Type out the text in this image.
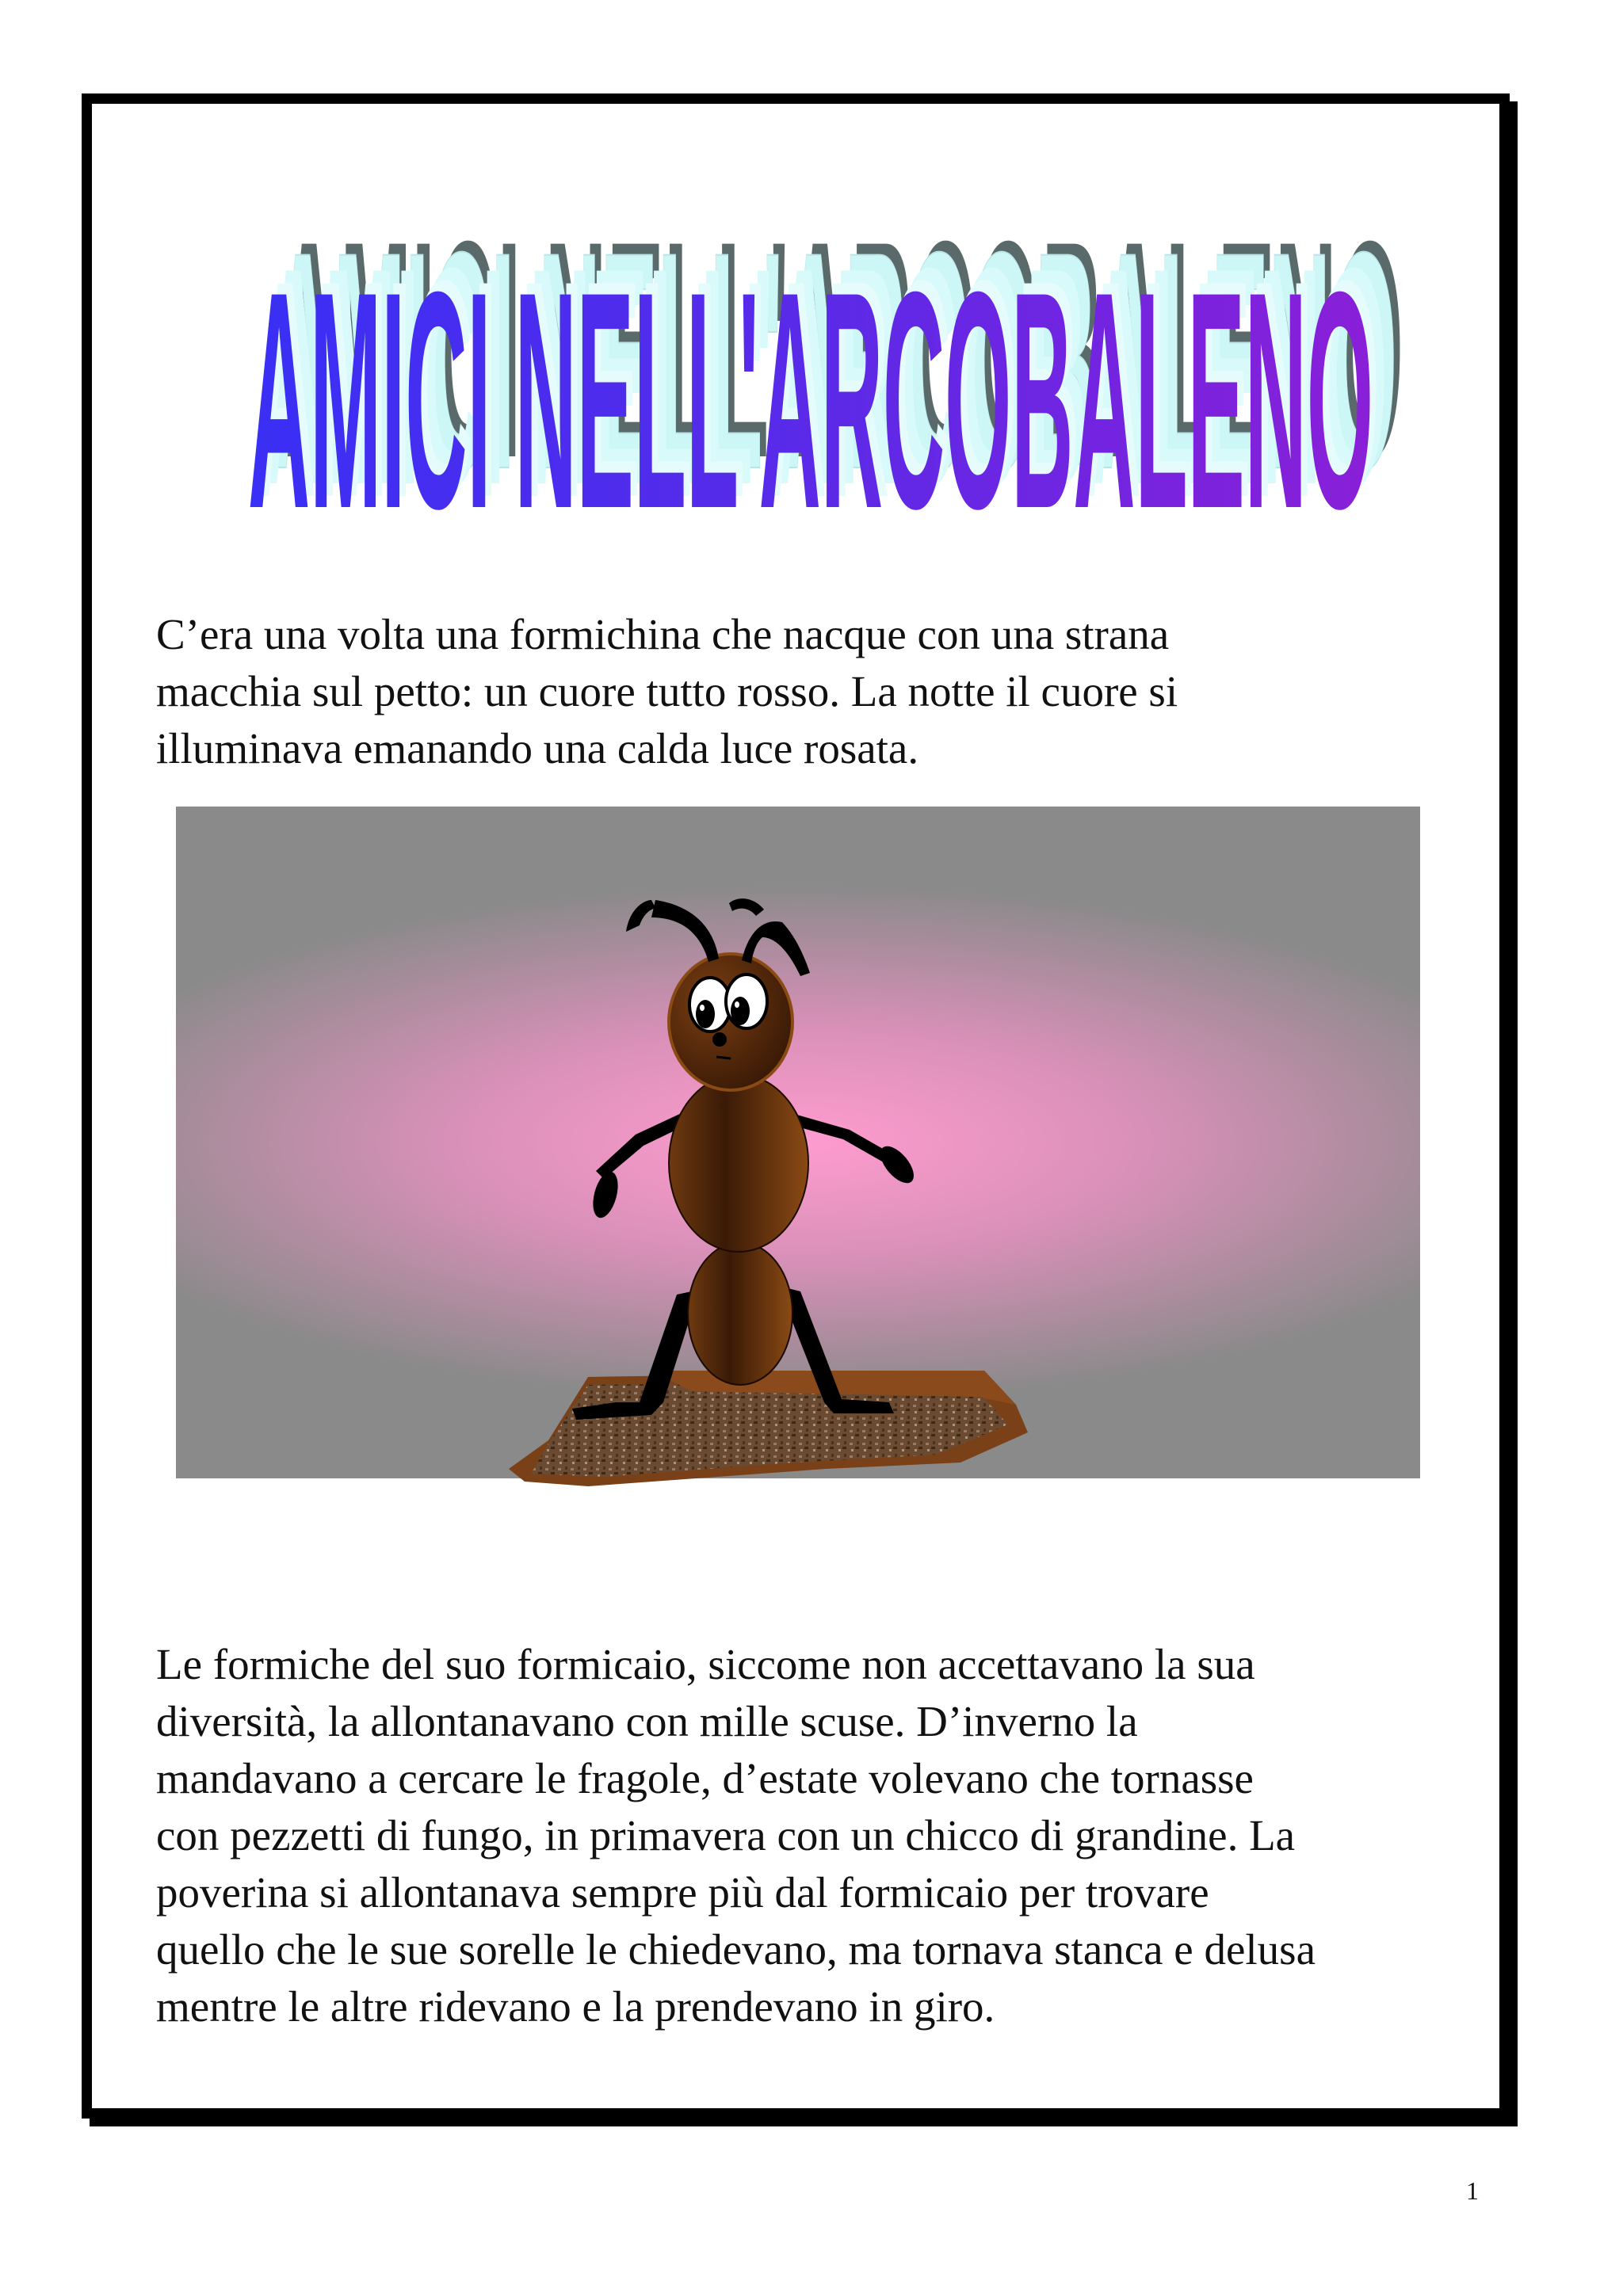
AMICI NELL'ARCOBALENO
AMICI NELL'ARCOBALENO
AMICI NELL'ARCOBALENO
AMICI NELL'ARCOBALENO
AMICI NELL'ARCOBALENO

C’era una volta una formichina che nacque con una strana
macchia sul petto: un cuore tutto rosso. La notte il cuore si
illuminava emanando una calda luce rosata.

Le formiche del suo formicaio, siccome non accettavano la sua
diversità, la allontanavano con mille scuse. D’inverno la
mandavano a cercare le fragole, d’estate volevano che tornasse
con pezzetti di fungo, in primavera con un chicco di grandine. La
poverina si allontanava sempre più dal formicaio per trovare
quello che le sue sorelle le chiedevano, ma tornava stanca e delusa
mentre le altre ridevano e la prendevano in giro.

1
